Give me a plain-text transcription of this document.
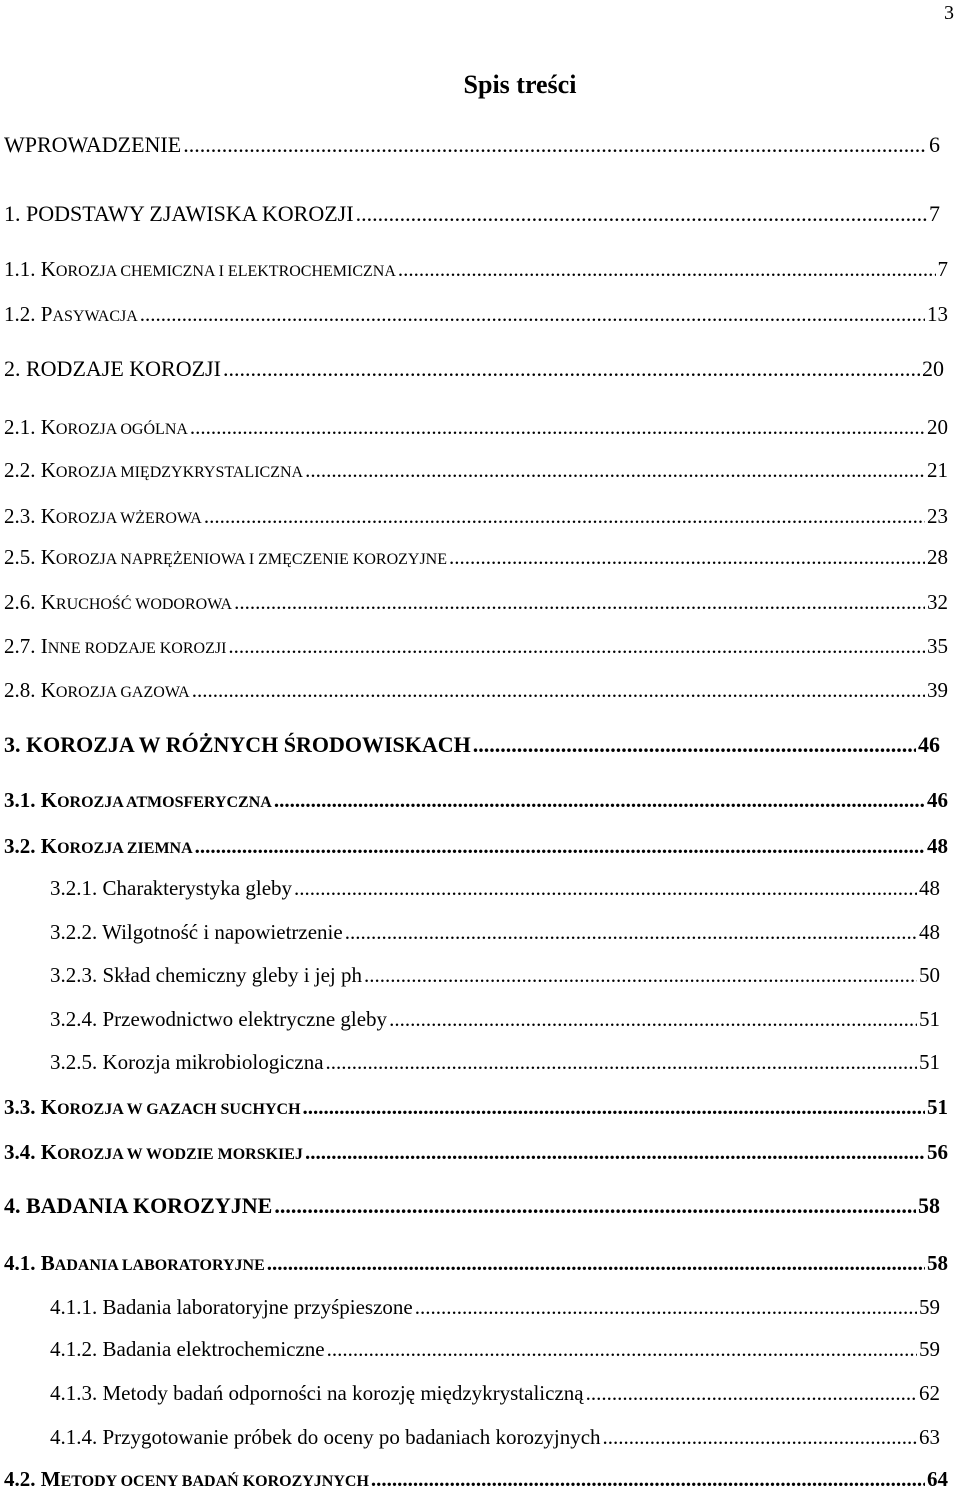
3
Spis treści
WPROWADZENIE .....	6
1. PODSTAWY ZJAWISKA KOROZJI .....	7
1.1. KOROZJA CHEMICZNA I ELEKTROCHEMICZNA .....	7
1.2. PASYWACJA .....	13
2. RODZAJE KOROZJI .....	20
2.1. KOROZJA OGÓLNA .....	20
2.2. KOROZJA MIĘDZYKRYSTALICZNA .....	21
2.3. KOROZJA WŻEROWA .....	23
2.5. KOROZJA NAPRĘŻENIOWA I ZMĘCZENIE KOROZYJNE .....	28
2.6. KRUCHOŚĆ WODOROWA .....	32
2.7. INNE RODZAJE KOROZJI .....	35
2.8. KOROZJA GAZOWA .....	39
3. KOROZJA W RÓŻNYCH ŚRODOWISKACH .....	46
3.1. KOROZJA ATMOSFERYCZNA .....	46
3.2. KOROZJA ZIEMNA .....	48
3.2.1. Charakterystyka gleby .....	48
3.2.2. Wilgotność i napowietrzenie .....	48
3.2.3. Skład chemiczny gleby i jej ph .....	50
3.2.4. Przewodnictwo elektryczne gleby .....	51
3.2.5. Korozja mikrobiologiczna .....	51
3.3. KOROZJA W GAZACH SUCHYCH .....	51
3.4. KOROZJA W WODZIE MORSKIEJ .....	56
4. BADANIA KOROZYJNE .....	58
4.1. BADANIA LABORATORYJNE .....	58
4.1.1. Badania laboratoryjne przyśpieszone .....	59
4.1.2. Badania elektrochemiczne .....	59
4.1.3. Metody badań odporności na korozję międzykrystaliczną .....	62
4.1.4. Przygotowanie próbek do oceny po badaniach korozyjnych .....	63
4.2. METODY OCENY BADAŃ KOROZYJNYCH .....	64
